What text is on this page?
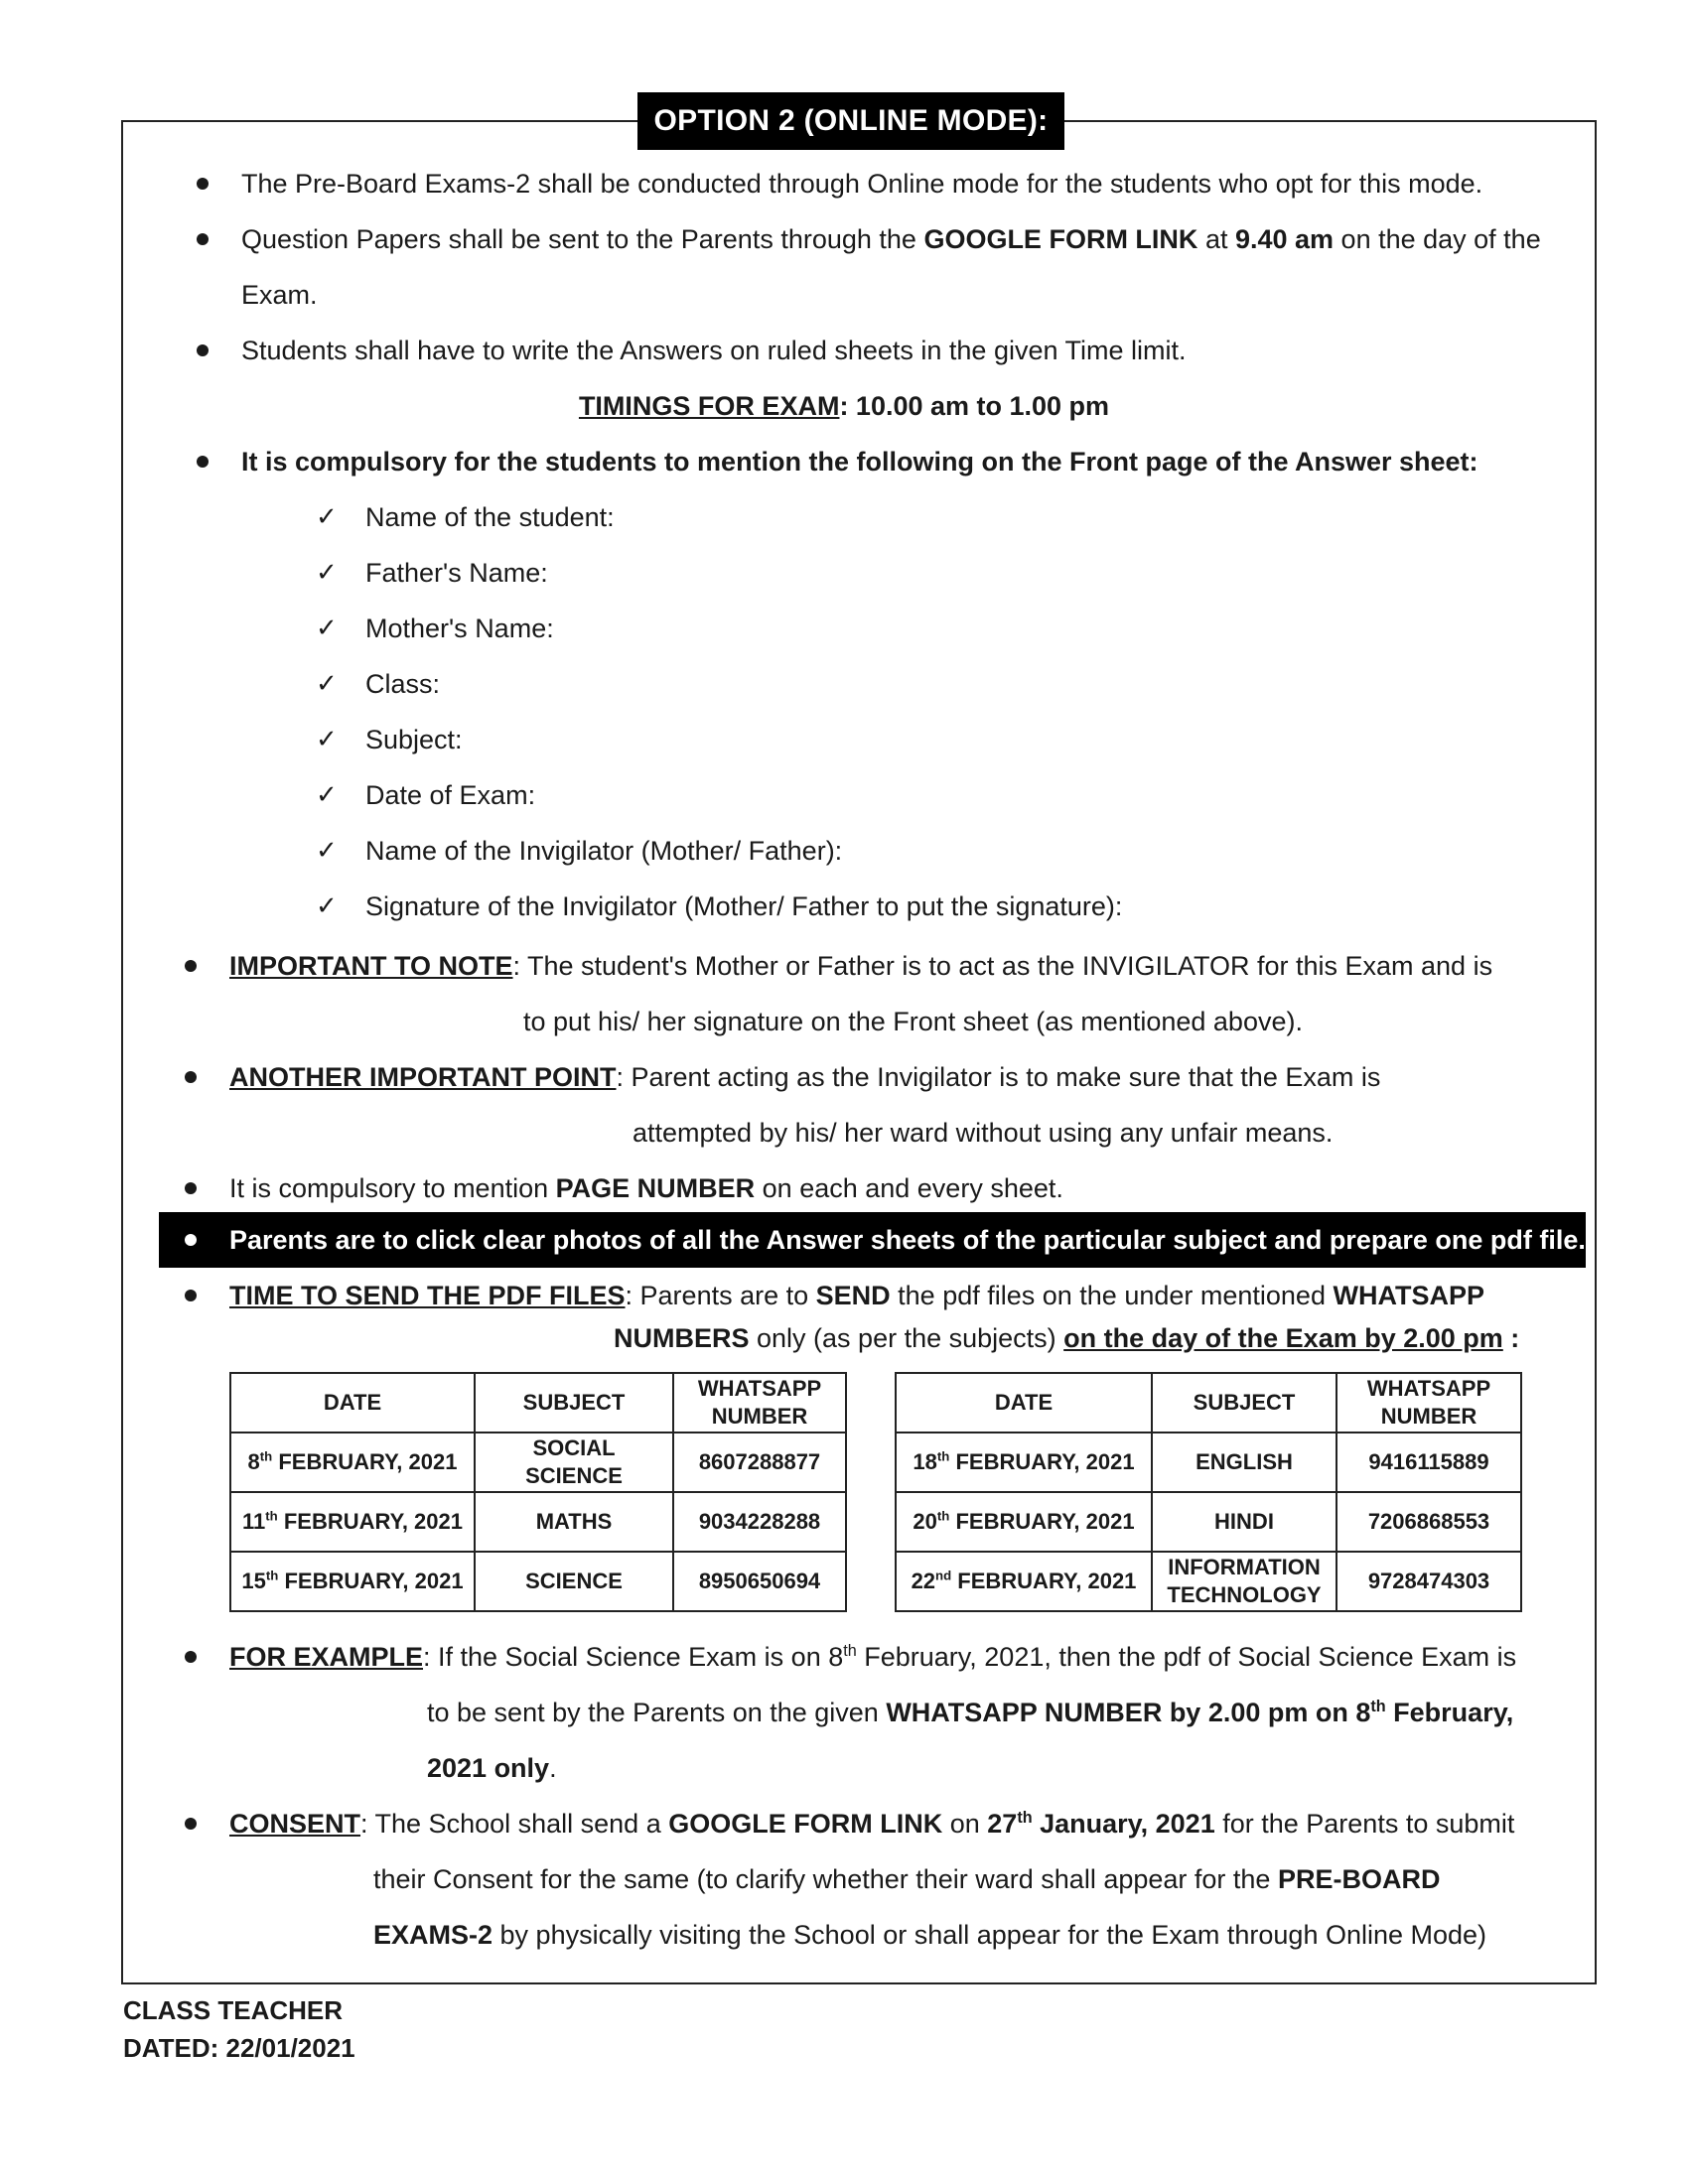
OPTION 2 (ONLINE MODE):
The Pre-Board Exams-2 shall be conducted through Online mode for the students who opt for this mode.
Question Papers shall be sent to the Parents through the GOOGLE FORM LINK at 9.40 am on the day of the
Exam.
Students shall have to write the Answers on ruled sheets in the given Time limit.
TIMINGS FOR EXAM: 10.00 am to 1.00 pm
It is compulsory for the students to mention the following on the Front page of the Answer sheet:
✓ Name of the student:
✓ Father's Name:
✓ Mother's Name:
✓ Class:
✓ Subject:
✓ Date of Exam:
✓ Name of the Invigilator (Mother/ Father):
✓ Signature of the Invigilator (Mother/ Father to put the signature):
IMPORTANT TO NOTE: The student's Mother or Father is to act as the INVIGILATOR for this Exam and is
to put his/ her signature on the Front sheet (as mentioned above).
ANOTHER IMPORTANT POINT: Parent acting as the Invigilator is to make sure that the Exam is
attempted by his/ her ward without using any unfair means.
It is compulsory to mention PAGE NUMBER on each and every sheet.
Parents are to click clear photos of all the Answer sheets of the particular subject and prepare one pdf file.
TIME TO SEND THE PDF FILES: Parents are to SEND the pdf files on the under mentioned WHATSAPP
NUMBERS only (as per the subjects) on the day of the Exam by 2.00 pm :
DATE	SUBJECT	WHATSAPP
NUMBER
8th FEBRUARY, 2021	SOCIAL SCIENCE	8607288877
11th FEBRUARY, 2021	MATHS	9034228288
15th FEBRUARY, 2021	SCIENCE	8950650694
DATE	SUBJECT	WHATSAPP
NUMBER
18th FEBRUARY, 2021	ENGLISH	9416115889
20th FEBRUARY, 2021	HINDI	7206868553
22nd FEBRUARY, 2021	INFORMATION
TECHNOLOGY	9728474303
FOR EXAMPLE: If the Social Science Exam is on 8th February, 2021, then the pdf of Social Science Exam is
to be sent by the Parents on the given WHATSAPP NUMBER by 2.00 pm on 8th February,
2021 only.
CONSENT: The School shall send a GOOGLE FORM LINK on 27th January, 2021 for the Parents to submit
their Consent for the same (to clarify whether their ward shall appear for the PRE-BOARD
EXAMS-2 by physically visiting the School or shall appear for the Exam through Online Mode)
CLASS TEACHER
DATED: 22/01/2021
